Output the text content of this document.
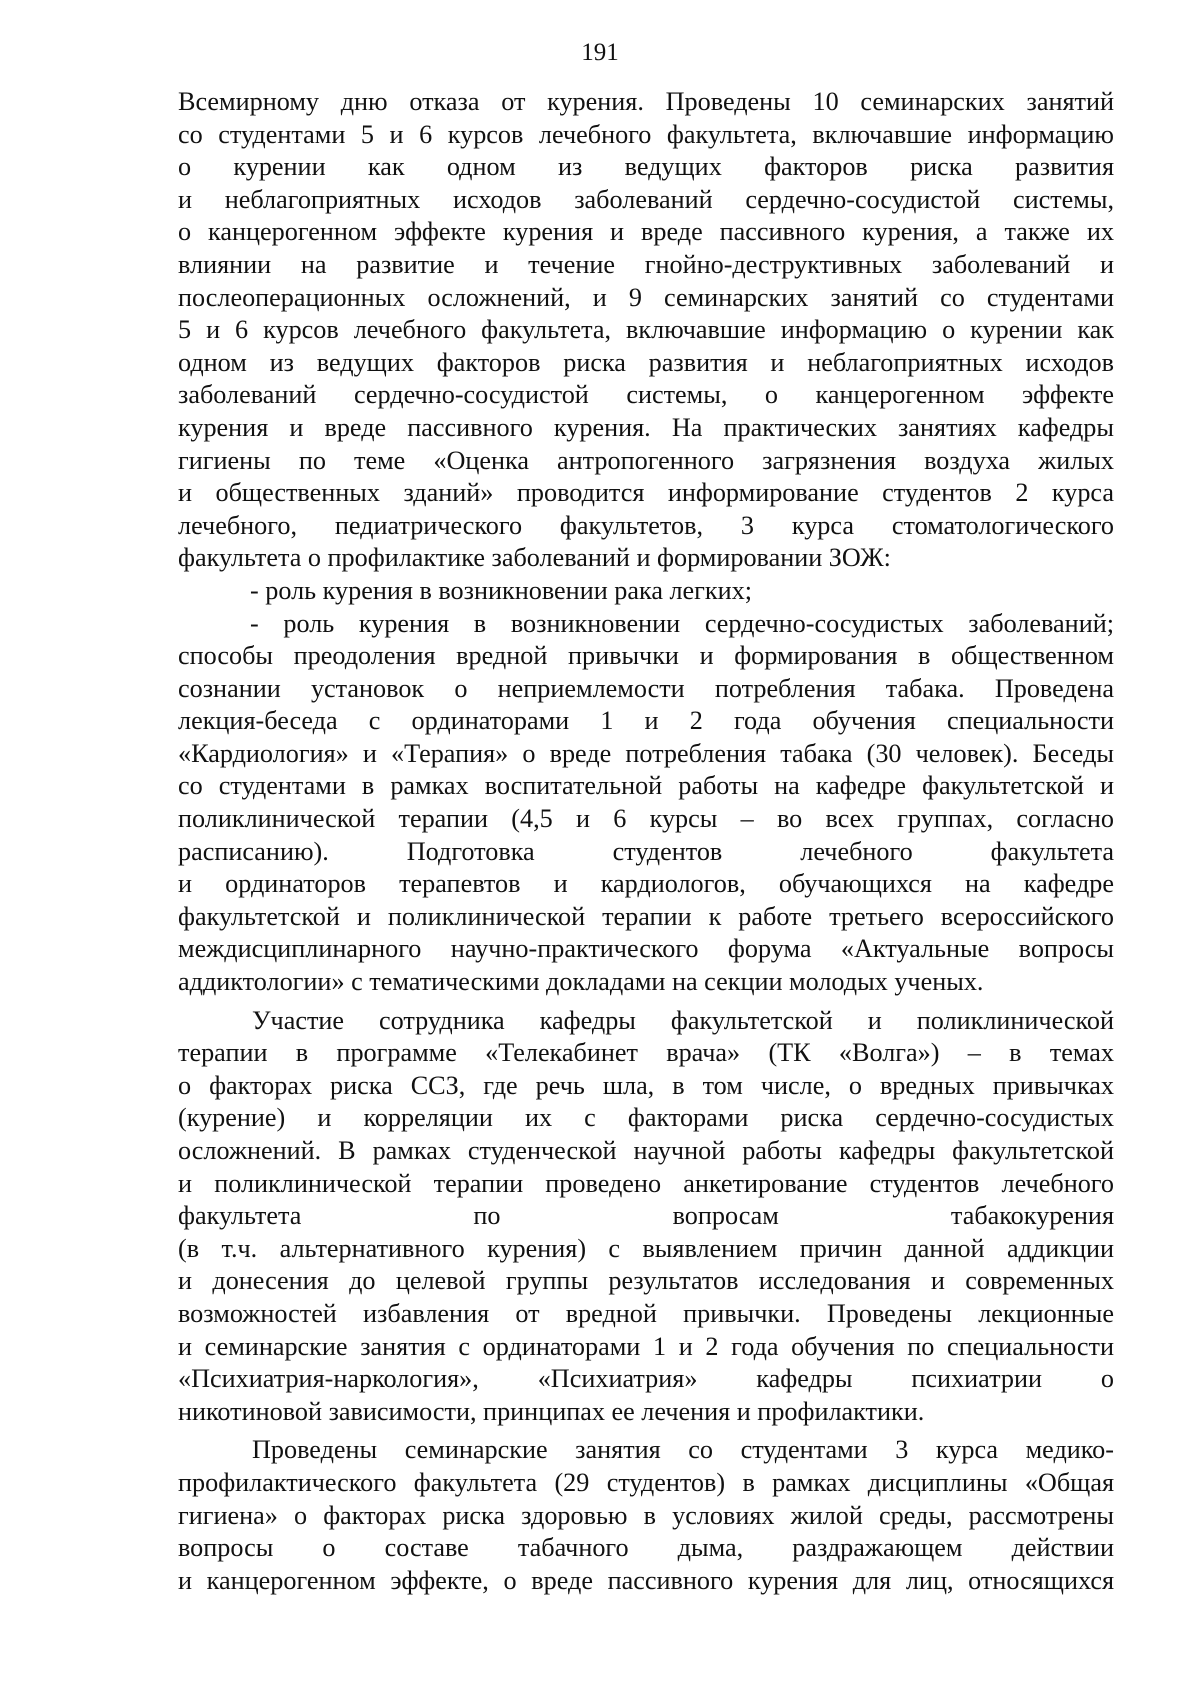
191
Всемирному дню отказа от курения. Проведены 10 семинарских занятий
со студентами 5 и 6 курсов лечебного факультета, включавшие информацию
о курении как одном из ведущих факторов риска развития
и неблагоприятных исходов заболеваний сердечно-сосудистой системы,
о канцерогенном эффекте курения и вреде пассивного курения, а также их
влиянии на развитие и течение гнойно-деструктивных заболеваний и
послеоперационных осложнений, и 9 семинарских занятий со студентами
5 и 6 курсов лечебного факультета, включавшие информацию о курении как
одном из ведущих факторов риска развития и неблагоприятных исходов
заболеваний сердечно-сосудистой системы, о канцерогенном эффекте
курения и вреде пассивного курения. На практических занятиях кафедры
гигиены по теме «Оценка антропогенного загрязнения воздуха жилых
и общественных зданий» проводится информирование студентов 2 курса
лечебного, педиатрического факультетов, 3 курса стоматологического
факультета о профилактике заболеваний и формировании ЗОЖ:
- роль курения в возникновении рака легких;
- роль курения в возникновении сердечно-сосудистых заболеваний;
способы преодоления вредной привычки и формирования в общественном
сознании установок о неприемлемости потребления табака. Проведена
лекция-беседа с ординаторами 1 и 2 года обучения специальности
«Кардиология» и «Терапия» о вреде потребления табака (30 человек). Беседы
со студентами в рамках воспитательной работы на кафедре факультетской и
поликлинической терапии (4,5 и 6 курсы – во всех группах, согласно
расписанию). Подготовка студентов лечебного факультета
и ординаторов терапевтов и кардиологов, обучающихся на кафедре
факультетской и поликлинической терапии к работе третьего всероссийского
междисциплинарного научно-практического форума «Актуальные вопросы
аддиктологии» с тематическими докладами на секции молодых ученых.
Участие сотрудника кафедры факультетской и поликлинической
терапии в программе «Телекабинет врача» (ТК «Волга») – в темах
о факторах риска ССЗ, где речь шла, в том числе, о вредных привычках
(курение) и корреляции их с факторами риска сердечно-сосудистых
осложнений. В рамках студенческой научной работы кафедры факультетской
и поликлинической терапии проведено анкетирование студентов лечебного
факультета по вопросам табакокурения
(в т.ч. альтернативного курения) с выявлением причин данной аддикции
и донесения до целевой группы результатов исследования и современных
возможностей избавления от вредной привычки. Проведены лекционные
и семинарские занятия с ординаторами 1 и 2 года обучения по специальности
«Психиатрия-наркология», «Психиатрия» кафедры психиатрии о
никотиновой зависимости, принципах ее лечения и профилактики.
Проведены семинарские занятия со студентами 3 курса медико-
профилактического факультета (29 студентов) в рамках дисциплины «Общая
гигиена» о факторах риска здоровью в условиях жилой среды, рассмотрены
вопросы о составе табачного дыма, раздражающем действии
и канцерогенном эффекте, о вреде пассивного курения для лиц, относящихся
